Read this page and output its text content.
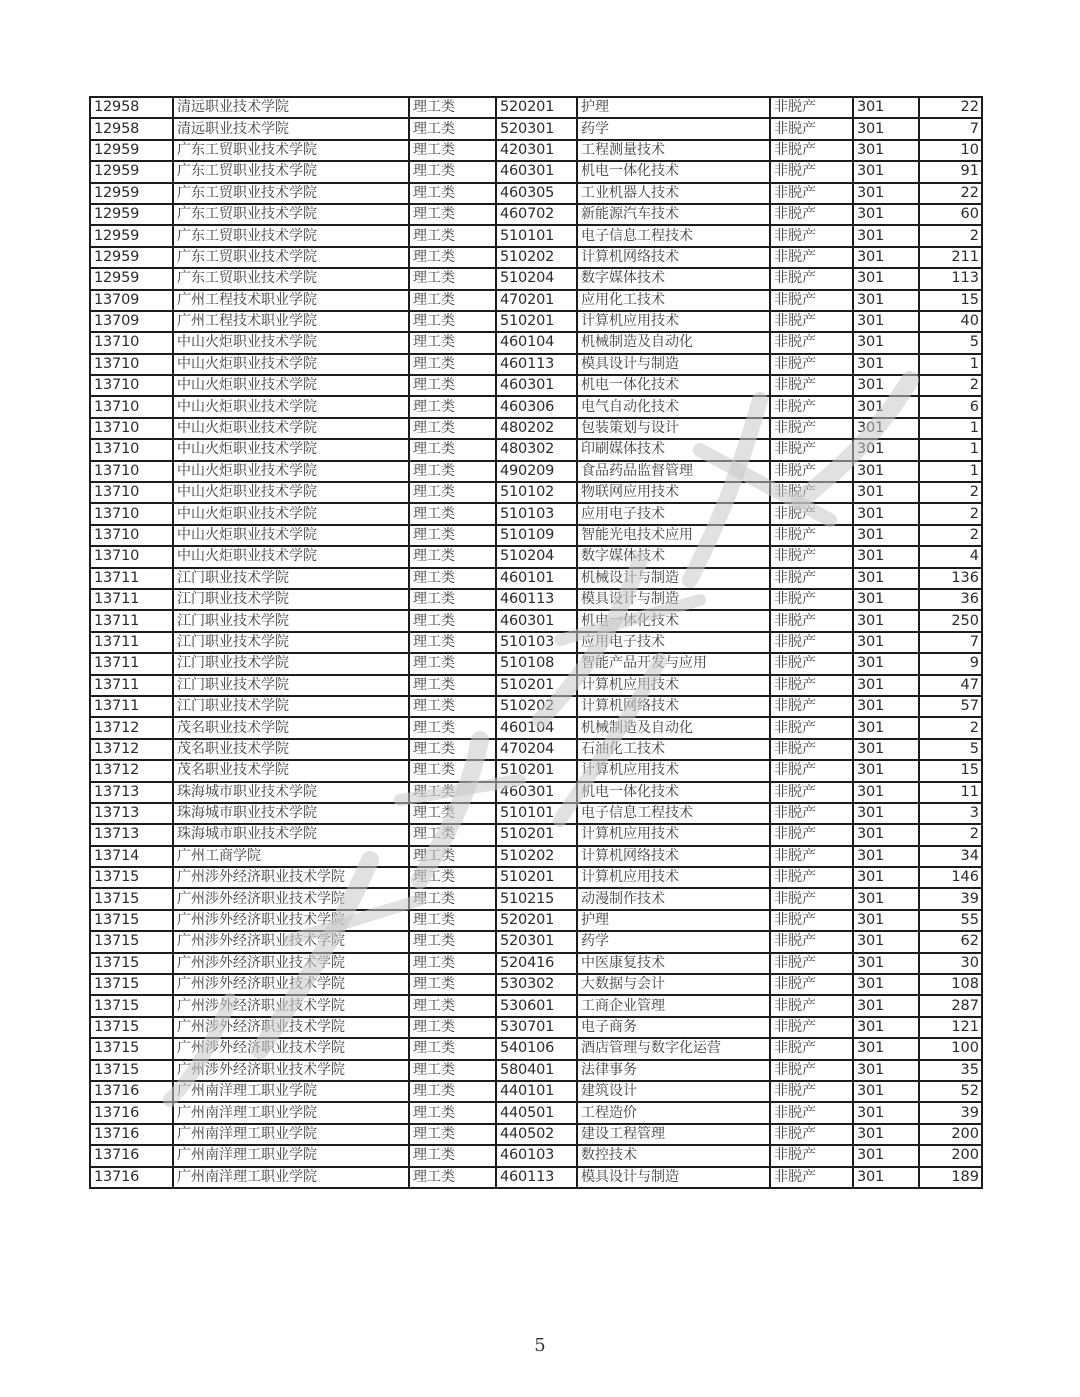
12958	清远职业技术学院	理工类	520201	护理	非脱产	301	22
12958	清远职业技术学院	理工类	520301	药学	非脱产	301	7
12959	广东工贸职业技术学院	理工类	420301	工程测量技术	非脱产	301	10
12959	广东工贸职业技术学院	理工类	460301	机电一体化技术	非脱产	301	91
12959	广东工贸职业技术学院	理工类	460305	工业机器人技术	非脱产	301	22
12959	广东工贸职业技术学院	理工类	460702	新能源汽车技术	非脱产	301	60
12959	广东工贸职业技术学院	理工类	510101	电子信息工程技术	非脱产	301	2
12959	广东工贸职业技术学院	理工类	510202	计算机网络技术	非脱产	301	211
12959	广东工贸职业技术学院	理工类	510204	数字媒体技术	非脱产	301	113
13709	广州工程技术职业学院	理工类	470201	应用化工技术	非脱产	301	15
13709	广州工程技术职业学院	理工类	510201	计算机应用技术	非脱产	301	40
13710	中山火炬职业技术学院	理工类	460104	机械制造及自动化	非脱产	301	5
13710	中山火炬职业技术学院	理工类	460113	模具设计与制造	非脱产	301	1
13710	中山火炬职业技术学院	理工类	460301	机电一体化技术	非脱产	301	2
13710	中山火炬职业技术学院	理工类	460306	电气自动化技术	非脱产	301	6
13710	中山火炬职业技术学院	理工类	480202	包装策划与设计	非脱产	301	1
13710	中山火炬职业技术学院	理工类	480302	印刷媒体技术	非脱产	301	1
13710	中山火炬职业技术学院	理工类	490209	食品药品监督管理	非脱产	301	1
13710	中山火炬职业技术学院	理工类	510102	物联网应用技术	非脱产	301	2
13710	中山火炬职业技术学院	理工类	510103	应用电子技术	非脱产	301	2
13710	中山火炬职业技术学院	理工类	510109	智能光电技术应用	非脱产	301	2
13710	中山火炬职业技术学院	理工类	510204	数字媒体技术	非脱产	301	4
13711	江门职业技术学院	理工类	460101	机械设计与制造	非脱产	301	136
13711	江门职业技术学院	理工类	460113	模具设计与制造	非脱产	301	36
13711	江门职业技术学院	理工类	460301	机电一体化技术	非脱产	301	250
13711	江门职业技术学院	理工类	510103	应用电子技术	非脱产	301	7
13711	江门职业技术学院	理工类	510108	智能产品开发与应用	非脱产	301	9
13711	江门职业技术学院	理工类	510201	计算机应用技术	非脱产	301	47
13711	江门职业技术学院	理工类	510202	计算机网络技术	非脱产	301	57
13712	茂名职业技术学院	理工类	460104	机械制造及自动化	非脱产	301	2
13712	茂名职业技术学院	理工类	470204	石油化工技术	非脱产	301	5
13712	茂名职业技术学院	理工类	510201	计算机应用技术	非脱产	301	15
13713	珠海城市职业技术学院	理工类	460301	机电一体化技术	非脱产	301	11
13713	珠海城市职业技术学院	理工类	510101	电子信息工程技术	非脱产	301	3
13713	珠海城市职业技术学院	理工类	510201	计算机应用技术	非脱产	301	2
13714	广州工商学院	理工类	510202	计算机网络技术	非脱产	301	34
13715	广州涉外经济职业技术学院	理工类	510201	计算机应用技术	非脱产	301	146
13715	广州涉外经济职业技术学院	理工类	510215	动漫制作技术	非脱产	301	39
13715	广州涉外经济职业技术学院	理工类	520201	护理	非脱产	301	55
13715	广州涉外经济职业技术学院	理工类	520301	药学	非脱产	301	62
13715	广州涉外经济职业技术学院	理工类	520416	中医康复技术	非脱产	301	30
13715	广州涉外经济职业技术学院	理工类	530302	大数据与会计	非脱产	301	108
13715	广州涉外经济职业技术学院	理工类	530601	工商企业管理	非脱产	301	287
13715	广州涉外经济职业技术学院	理工类	530701	电子商务	非脱产	301	121
13715	广州涉外经济职业技术学院	理工类	540106	酒店管理与数字化运营	非脱产	301	100
13715	广州涉外经济职业技术学院	理工类	580401	法律事务	非脱产	301	35
13716	广州南洋理工职业学院	理工类	440101	建筑设计	非脱产	301	52
13716	广州南洋理工职业学院	理工类	440501	工程造价	非脱产	301	39
13716	广州南洋理工职业学院	理工类	440502	建设工程管理	非脱产	301	200
13716	广州南洋理工职业学院	理工类	460103	数控技术	非脱产	301	200
13716	广州南洋理工职业学院	理工类	460113	模具设计与制造	非脱产	301	189
5
